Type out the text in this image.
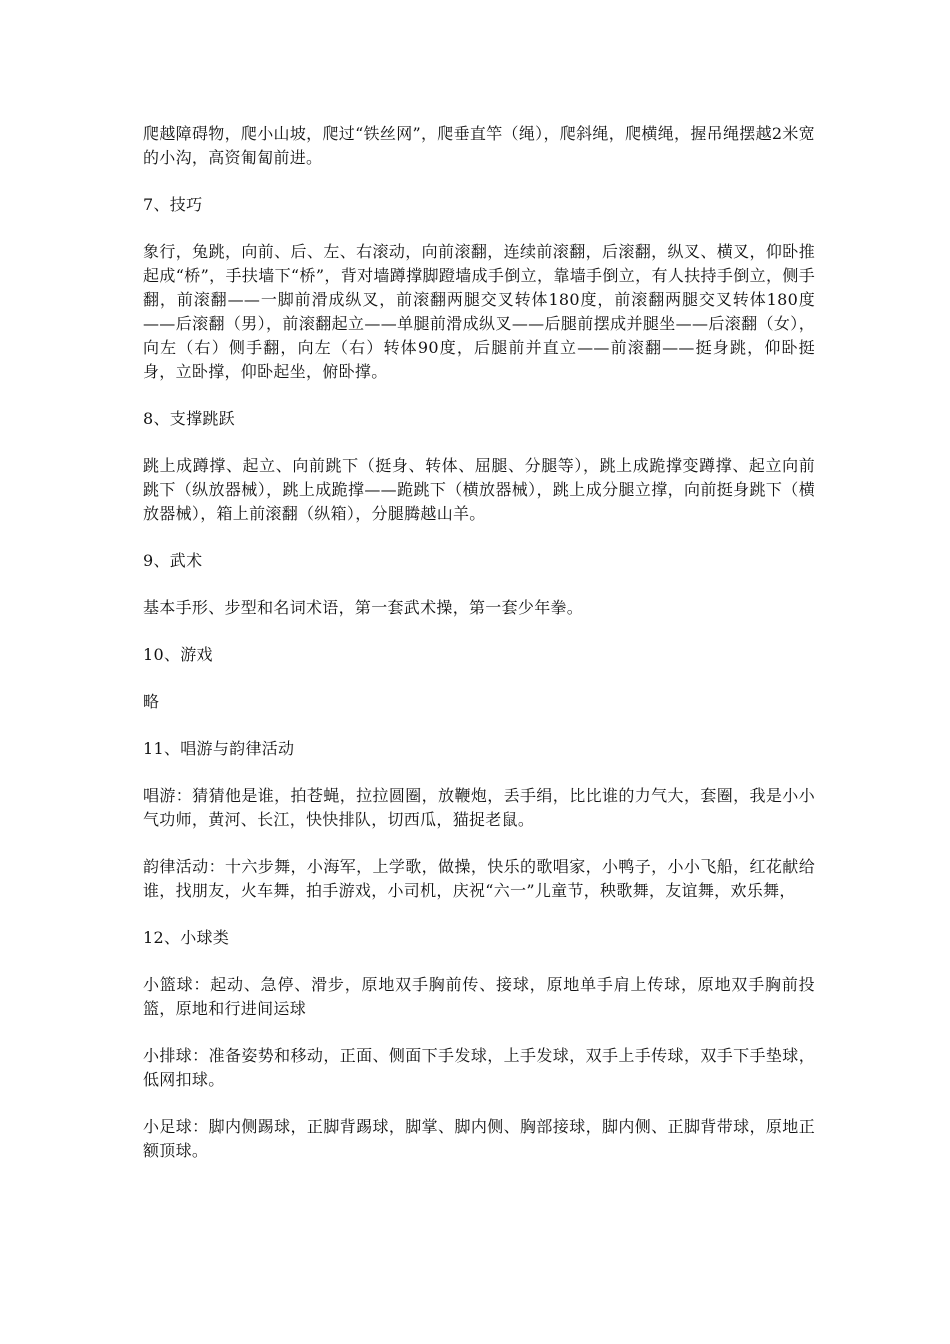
爬越障碍物，爬小山坡，爬过“铁丝网”，爬垂直竿（绳），爬斜绳，爬横绳，握吊绳摆越2米宽的小沟，高资匍匐前进。

7、技巧

象行，兔跳，向前、后、左、右滚动，向前滚翻，连续前滚翻，后滚翻，纵叉、横叉，仰卧推起成“桥”，手扶墙下“桥”，背对墙蹲撑脚蹬墙成手倒立，靠墙手倒立，有人扶持手倒立，侧手翻，前滚翻——一脚前滑成纵叉，前滚翻两腿交叉转体180度，前滚翻两腿交叉转体180度——后滚翻（男），前滚翻起立——单腿前滑成纵叉——后腿前摆成并腿坐——后滚翻（女），向左（右）侧手翻，向左（右）转体90度，后腿前并直立——前滚翻——挺身跳，仰卧挺身，立卧撑，仰卧起坐，俯卧撑。

8、支撑跳跃

跳上成蹲撑、起立、向前跳下（挺身、转体、屈腿、分腿等），跳上成跪撑变蹲撑、起立向前跳下（纵放器械），跳上成跪撑——跪跳下（横放器械），跳上成分腿立撑，向前挺身跳下（横放器械），箱上前滚翻（纵箱），分腿腾越山羊。

9、武术

基本手形、步型和名词术语，第一套武术操，第一套少年拳。

10、游戏

略

11、唱游与韵律活动

唱游：猜猜他是谁，拍苍蝇，拉拉圆圈，放鞭炮，丢手绢，比比谁的力气大，套圈，我是小小气功师，黄河、长江，快快排队，切西瓜，猫捉老鼠。

韵律活动：十六步舞，小海军，上学歌，做操，快乐的歌唱家，小鸭子，小小飞船，红花献给谁，找朋友，火车舞，拍手游戏，小司机，庆祝“六一”儿童节，秧歌舞，友谊舞，欢乐舞，

12、小球类

小篮球：起动、急停、滑步，原地双手胸前传、接球，原地单手肩上传球，原地双手胸前投篮，原地和行进间运球

小排球：准备姿势和移动，正面、侧面下手发球，上手发球，双手上手传球，双手下手垫球，低网扣球。

小足球：脚内侧踢球，正脚背踢球，脚掌、脚内侧、胸部接球，脚内侧、正脚背带球，原地正额顶球。
